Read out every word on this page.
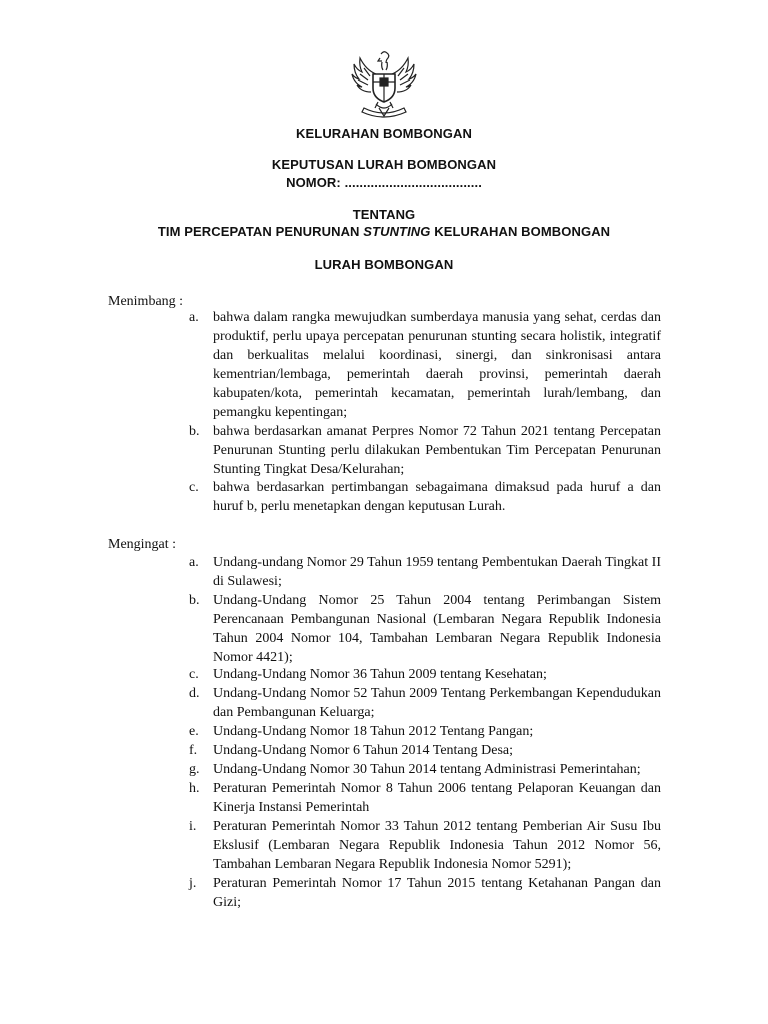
KELURAHAN BOMBONGAN
KEPUTUSAN LURAH BOMBONGAN
NOMOR: .....................................
TENTANG
TIM PERCEPATAN PENURUNAN STUNTING KELURAHAN BOMBONGAN
LURAH BOMBONGAN
Menimbang :
a. bahwa dalam rangka mewujudkan sumberdaya manusia yang sehat, cerdas dan
produktif, perlu upaya percepatan penurunan stunting secara holistik, integratif
dan berkualitas melalui koordinasi, sinergi, dan sinkronisasi antara
kementrian/lembaga, pemerintah daerah provinsi, pemerintah daerah
kabupaten/kota, pemerintah kecamatan, pemerintah lurah/lembang, dan
pemangku kepentingan;
b. bahwa berdasarkan amanat Perpres Nomor 72 Tahun 2021 tentang Percepatan
Penurunan Stunting perlu dilakukan Pembentukan Tim Percepatan Penurunan
Stunting Tingkat Desa/Kelurahan;
c. bahwa berdasarkan pertimbangan sebagaimana dimaksud pada huruf a dan
huruf b, perlu menetapkan dengan keputusan Lurah.
Mengingat :
a. Undang-undang Nomor 29 Tahun 1959 tentang Pembentukan Daerah Tingkat II
di Sulawesi;
b. Undang-Undang Nomor 25 Tahun 2004 tentang Perimbangan Sistem
Perencanaan Pembangunan Nasional (Lembaran Negara Republik Indonesia
Tahun 2004 Nomor 104, Tambahan Lembaran Negara Republik Indonesia
Nomor 4421);
c. Undang-Undang Nomor 36 Tahun 2009 tentang Kesehatan;
d. Undang-Undang Nomor 52 Tahun 2009 Tentang Perkembangan Kependudukan
dan Pembangunan Keluarga;
e. Undang-Undang Nomor 18 Tahun 2012 Tentang Pangan;
f. Undang-Undang Nomor 6 Tahun 2014 Tentang Desa;
g. Undang-Undang Nomor 30 Tahun 2014 tentang Administrasi Pemerintahan;
h. Peraturan Pemerintah Nomor 8 Tahun 2006 tentang Pelaporan Keuangan dan
Kinerja Instansi Pemerintah
i. Peraturan Pemerintah Nomor 33 Tahun 2012 tentang Pemberian Air Susu Ibu
Ekslusif (Lembaran Negara Republik Indonesia Tahun 2012 Nomor 56,
Tambahan Lembaran Negara Republik Indonesia Nomor 5291);
j. Peraturan Pemerintah Nomor 17 Tahun 2015 tentang Ketahanan Pangan dan
Gizi;
